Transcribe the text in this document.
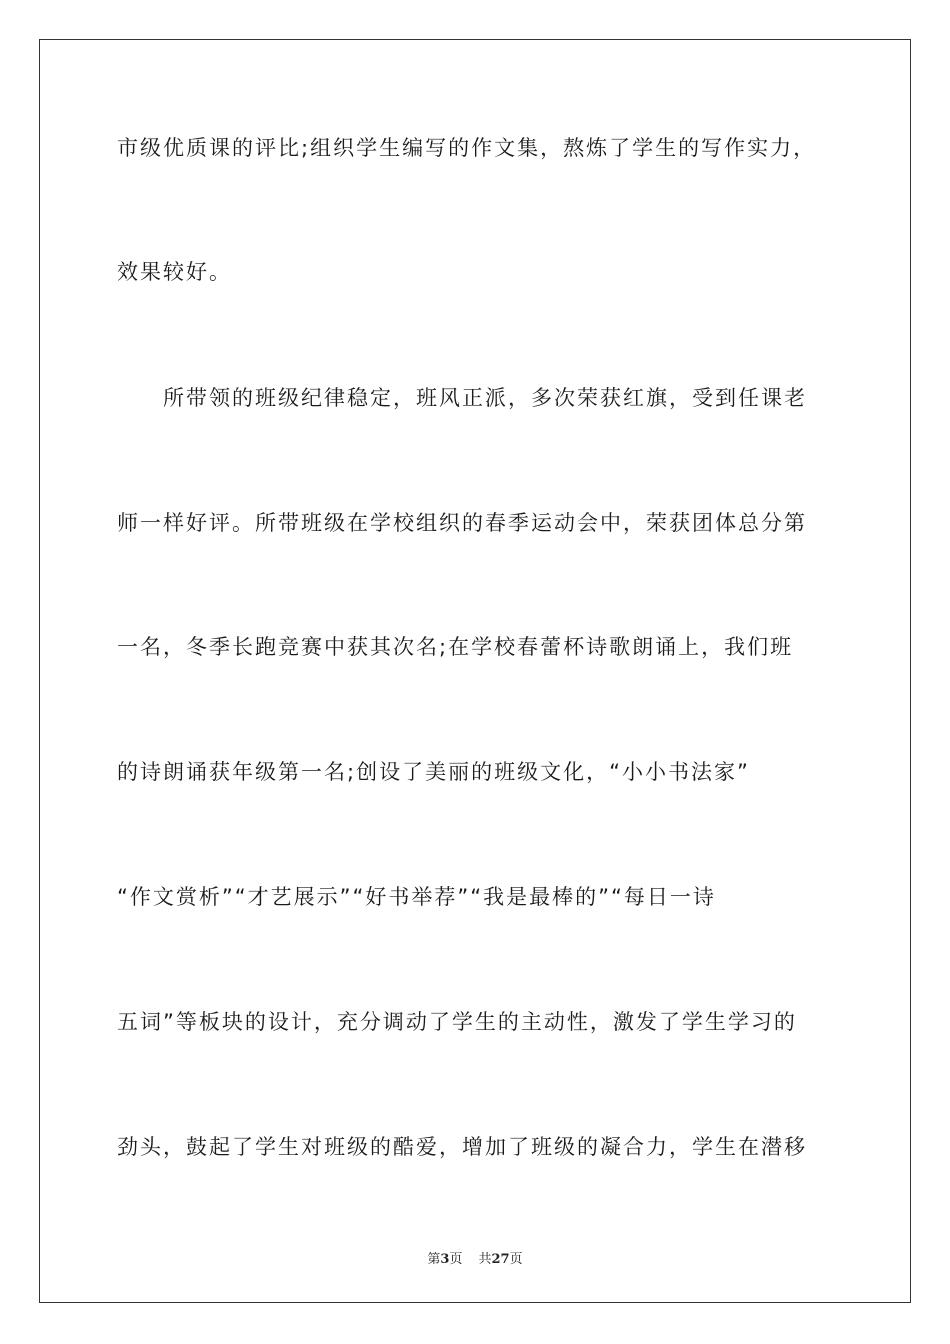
市级优质课的评比;组织学生编写的作文集，熬炼了学生的写作实力，
效果较好。
所带领的班级纪律稳定，班风正派，多次荣获红旗，受到任课老
师一样好评。所带班级在学校组织的春季运动会中，荣获团体总分第
一名，冬季长跑竞赛中获其次名;在学校春蕾杯诗歌朗诵上，我们班
的诗朗诵获年级第一名;创设了美丽的班级文化，“小小书法家”
“作文赏析”“才艺展示”“好书举荐”“我是最棒的”“每日一诗
五词”等板块的设计，充分调动了学生的主动性，激发了学生学习的
劲头，鼓起了学生对班级的酷爱，增加了班级的凝合力，学生在潜移
第3页 共27页
